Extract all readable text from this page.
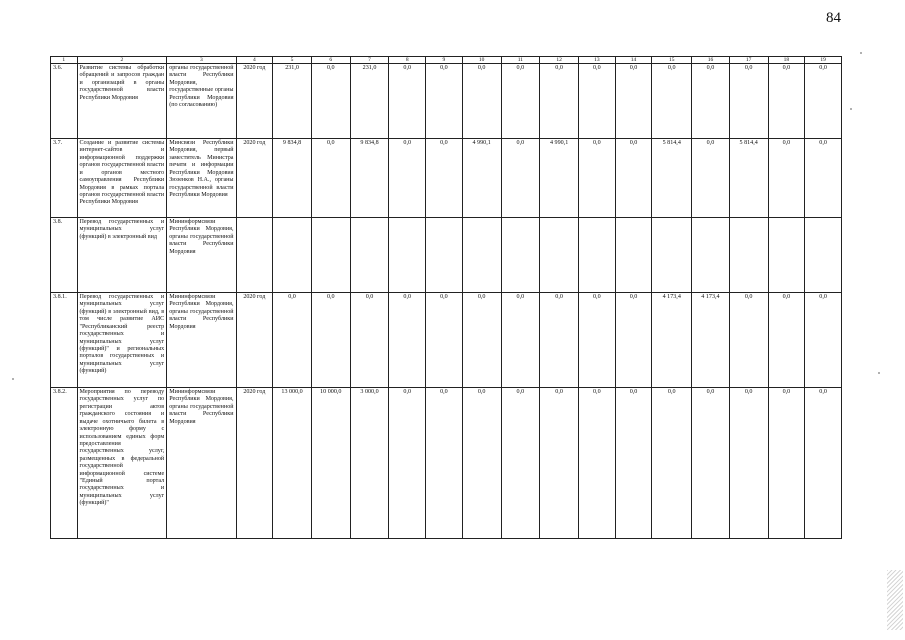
84
1	2	3	4	5	6	7	8	9	10	11	12	13	14	15	16	17	18	19
3.6.	Развитие системы обработки обращений и запросов граждан и организаций в органы государственной власти Республики Мордовия	органы государственной власти Республики Мордовия, государственные органы Республики Мордовия (по согласованию)	2020 год	231,0	0,0	231,0	0,0	0,0	0,0	0,0	0,0	0,0	0,0	0,0	0,0	0,0	0,0	0,0
3.7.	Создание и развитие системы интернет-сайтов и информационной поддержки органов государственной власти и органов местного самоуправления Республики Мордовия в рамках портала органов государственной власти Республики Мордовия	Минсвязи Республики Мордовия, первый заместитель Министра печати и информации Республики Мордовия Зюзенков Н.А., органы государственной власти Республики Мордовия	2020 год	9 834,8	0,0	9 834,8	0,0	0,0	4 990,1	0,0	4 990,1	0,0	0,0	5 814,4	0,0	5 814,4	0,0	0,0
3.8.	Перевод государственных и муниципальных услуг (функций) в электронный вид	Мининформсвязи Республики Мордовия, органы государственной власти Республики Мордовия																
3.8.1.	Перевод государственных и муниципальных услуг (функций) в электронный вид, в том числе развитие АИС "Республиканский реестр государственных и муниципальных услуг (функций)" и региональных порталов государственных и муниципальных услуг (функций)	Мининформсвязи Республики Мордовия, органы государственной власти Республики Мордовия	2020 год	0,0	0,0	0,0	0,0	0,0	0,0	0,0	0,0	0,0	0,0	4 173,4	4 173,4	0,0	0,0	0,0
3.8.2.	Мероприятия по переводу государственных услуг по регистрации актов гражданского состояния и выдаче охотничьего билета в электронную форму с использованием единых форм предоставления государственных услуг, размещенных в федеральной государственной информационной системе "Единый портал государственных и муниципальных услуг (функций)"	Мининформсвязи Республики Мордовия, органы государственной власти Республики Мордовия	2020 год	13 000,0	10 000,0	3 000,0	0,0	0,0	0,0	0,0	0,0	0,0	0,0	0,0	0,0	0,0	0,0	0,0
